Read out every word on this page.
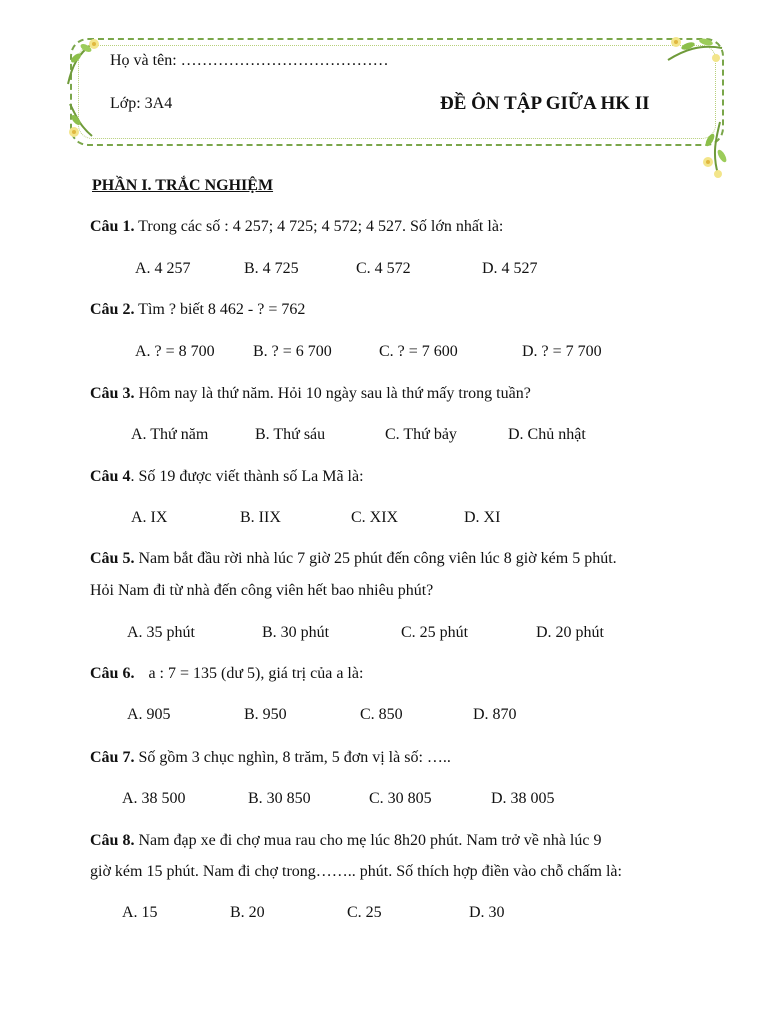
Họ và tên: …………………………………
Lớp: 3A4	ĐỀ ÔN TẬP GIỮA HK II
PHẦN I. TRẮC NGHIỆM
Câu 1. Trong các số : 4 257; 4 725; 4 572; 4 527. Số lớn nhất là:
A. 4 257	B. 4 725	C. 4 572	D. 4 527
Câu 2. Tìm ? biết 8 462 - ? = 762
A. ? = 8 700 B. ? = 6 700	C. ? = 7 600	D. ? = 7 700
Câu 3. Hôm nay là thứ năm. Hỏi 10 ngày sau là thứ mấy trong tuần?
A. Thứ năm	B. Thứ sáu	C. Thứ bảy	D. Chủ nhật
Câu 4. Số 19 được viết thành số La Mã là:
A. IX	B. IIX	C. XIX	D. XI
Câu 5. Nam bắt đầu rời nhà lúc 7 giờ 25 phút đến công viên lúc 8 giờ kém 5 phút.
Hỏi Nam đi từ nhà đến công viên hết bao nhiêu phút?
A. 35 phút	B. 30 phút	C. 25 phút	D. 20 phút
Câu 6. a : 7 = 135 (dư 5), giá trị của a là:
A. 905	B. 950	C. 850	D. 870
Câu 7. Số gồm 3 chục nghìn, 8 trăm, 5 đơn vị là số: …..
A. 38 500	B. 30 850	C. 30 805	D. 38 005
Câu 8. Nam đạp xe đi chợ mua rau cho mẹ lúc 8h20 phút. Nam trở về nhà lúc 9
giờ kém 15 phút. Nam đi chợ trong…….. phút. Số thích hợp điền vào chỗ chấm là:
A. 15	B. 20	C. 25	D. 30
